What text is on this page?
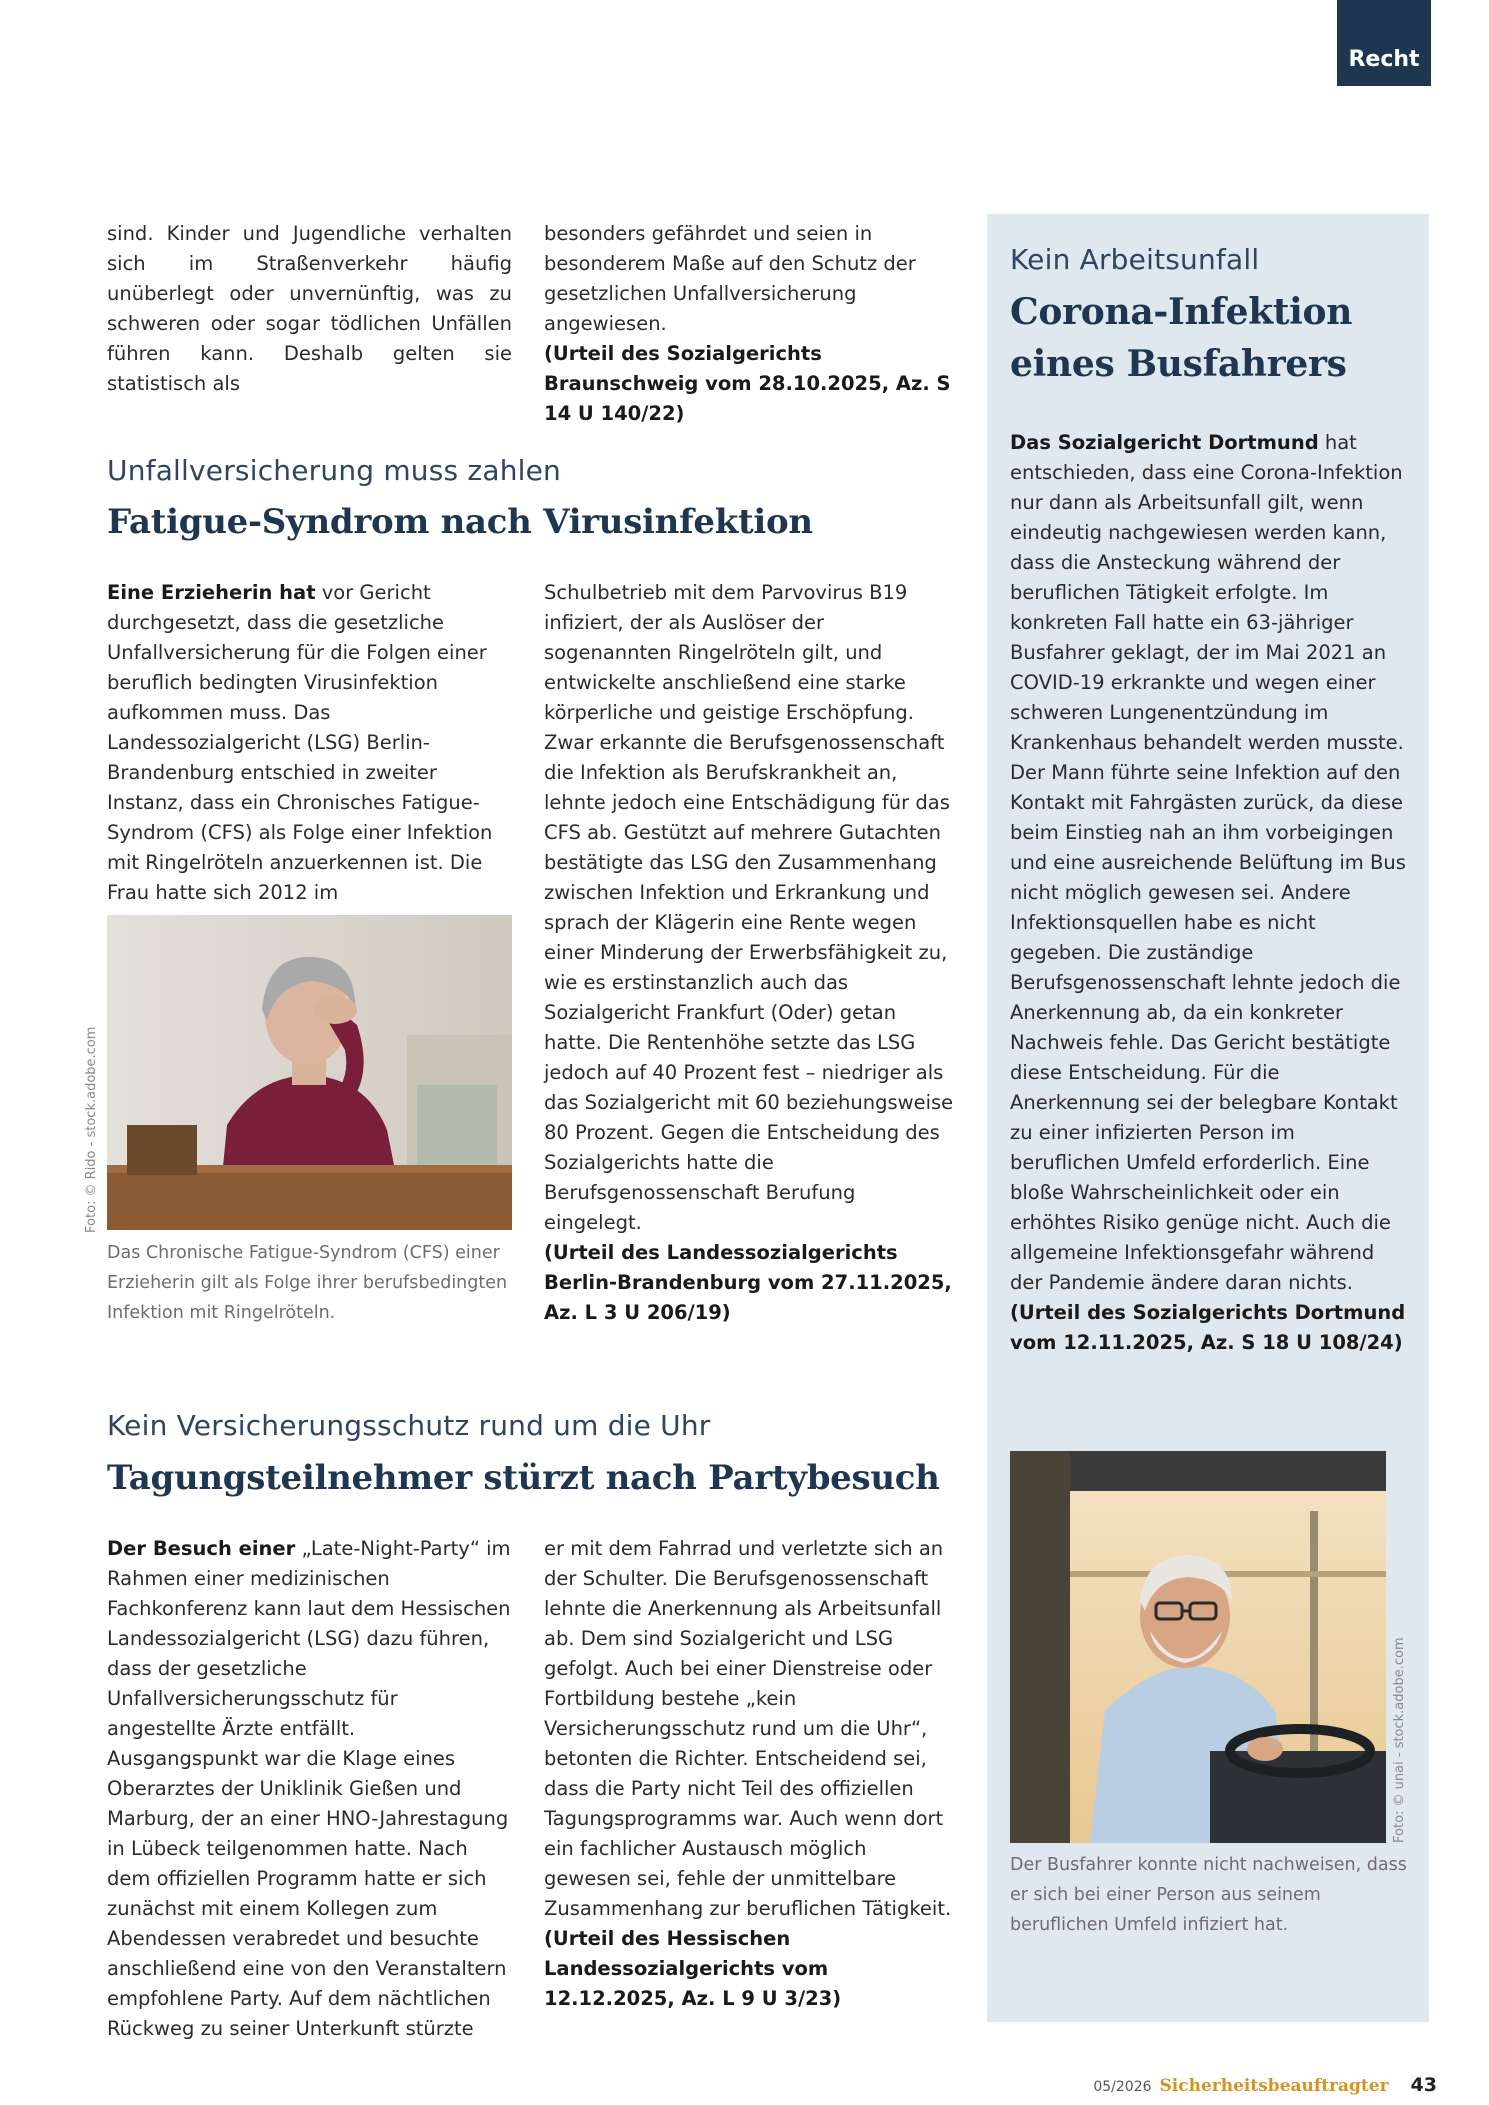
Recht

sind. Kinder und Jugendliche verhalten sich im Straßenverkehr häufig unüberlegt oder unvernünftig, was zu schweren oder sogar tödlichen Unfällen führen kann. Deshalb gelten sie statistisch als

besonders gefährdet und seien in besonderem Maße auf den Schutz der gesetzlichen Unfallversicherung angewiesen.

(Urteil des Sozialgerichts Braunschweig vom 28.10.2025, Az. S 14 U 140/22)

Unfallversicherung muss zahlen

Fatigue-Syndrom nach Virusinfektion

Eine Erzieherin hat vor Gericht durchgesetzt, dass die gesetzliche Unfallversicherung für die Folgen einer beruflich bedingten Virusinfektion aufkommen muss. Das Landessozialgericht (LSG) Berlin-Brandenburg entschied in zweiter Instanz, dass ein Chronisches Fatigue-Syndrom (CFS) als Folge einer Infektion mit Ringelröteln anzuerkennen ist. Die Frau hatte sich 2012 im

Foto: © Rido - stock.adobe.com

Das Chronische Fatigue-Syndrom (CFS) einer Erzieherin gilt als Folge ihrer berufsbedingten Infektion mit Ringelröteln.

Schulbetrieb mit dem Parvovirus B19 infiziert, der als Auslöser der sogenannten Ringelröteln gilt, und entwickelte anschließend eine starke körperliche und geistige Erschöpfung. Zwar erkannte die Berufsgenossenschaft die Infektion als Berufskrankheit an, lehnte jedoch eine Entschädigung für das CFS ab. Gestützt auf mehrere Gutachten bestätigte das LSG den Zusammenhang zwischen Infektion und Erkrankung und sprach der Klägerin eine Rente wegen einer Minderung der Erwerbsfähigkeit zu, wie es erstinstanzlich auch das Sozialgericht Frankfurt (Oder) getan hatte. Die Rentenhöhe setzte das LSG jedoch auf 40 Prozent fest – niedriger als das Sozialgericht mit 60 beziehungsweise 80 Prozent. Gegen die Entscheidung des Sozialgerichts hatte die Berufsgenossenschaft Berufung eingelegt.

(Urteil des Landessozialgerichts Berlin-Brandenburg vom 27.11.2025, Az. L 3 U 206/19)

Kein Versicherungsschutz rund um die Uhr

Tagungsteilnehmer stürzt nach Partybesuch

Der Besuch einer „Late-Night-Party“ im Rahmen einer medizinischen Fachkonferenz kann laut dem Hessischen Landessozialgericht (LSG) dazu führen, dass der gesetzliche Unfallversicherungsschutz für angestellte Ärzte entfällt. Ausgangspunkt war die Klage eines Oberarztes der Uniklinik Gießen und Marburg, der an einer HNO-Jahrestagung in Lübeck teilgenommen hatte. Nach dem offiziellen Programm hatte er sich zunächst mit einem Kollegen zum Abendessen verabredet und besuchte anschließend eine von den Veranstaltern empfohlene Party. Auf dem nächtlichen Rückweg zu seiner Unterkunft stürzte

er mit dem Fahrrad und verletzte sich an der Schulter. Die Berufsgenossenschaft lehnte die Anerkennung als Arbeitsunfall ab. Dem sind Sozialgericht und LSG gefolgt. Auch bei einer Dienstreise oder Fortbildung bestehe „kein Versicherungsschutz rund um die Uhr“, betonten die Richter. Entscheidend sei, dass die Party nicht Teil des offiziellen Tagungsprogramms war. Auch wenn dort ein fachlicher Austausch möglich gewesen sei, fehle der unmittelbare Zusammenhang zur beruflichen Tätigkeit.

(Urteil des Hessischen Landessozialgerichts vom 12.12.2025, Az. L 9 U 3/23)

Kein Arbeitsunfall

Corona-Infektion eines Busfahrers

Das Sozialgericht Dortmund hat entschieden, dass eine Corona-Infektion nur dann als Arbeitsunfall gilt, wenn eindeutig nachgewiesen werden kann, dass die Ansteckung während der beruflichen Tätigkeit erfolgte. Im konkreten Fall hatte ein 63-jähriger Busfahrer geklagt, der im Mai 2021 an COVID-19 erkrankte und wegen einer schweren Lungenentzündung im Krankenhaus behandelt werden musste. Der Mann führte seine Infektion auf den Kontakt mit Fahrgästen zurück, da diese beim Einstieg nah an ihm vorbeigingen und eine ausreichende Belüftung im Bus nicht möglich gewesen sei. Andere Infektionsquellen habe es nicht gegeben. Die zuständige Berufsgenossenschaft lehnte jedoch die Anerkennung ab, da ein konkreter Nachweis fehle. Das Gericht bestätigte diese Entscheidung. Für die Anerkennung sei der belegbare Kontakt zu einer infizierten Person im beruflichen Umfeld erforderlich. Eine bloße Wahrscheinlichkeit oder ein erhöhtes Risiko genüge nicht. Auch die allgemeine Infektionsgefahr während der Pandemie ändere daran nichts.

(Urteil des Sozialgerichts Dortmund vom 12.11.2025, Az. S 18 U 108/24)

Foto: © unai - stock.adobe.com

Der Busfahrer konnte nicht nachweisen, dass er sich bei einer Person aus seinem beruflichen Umfeld infiziert hat.

05/2026 Sicherheitsbeauftragter 43
